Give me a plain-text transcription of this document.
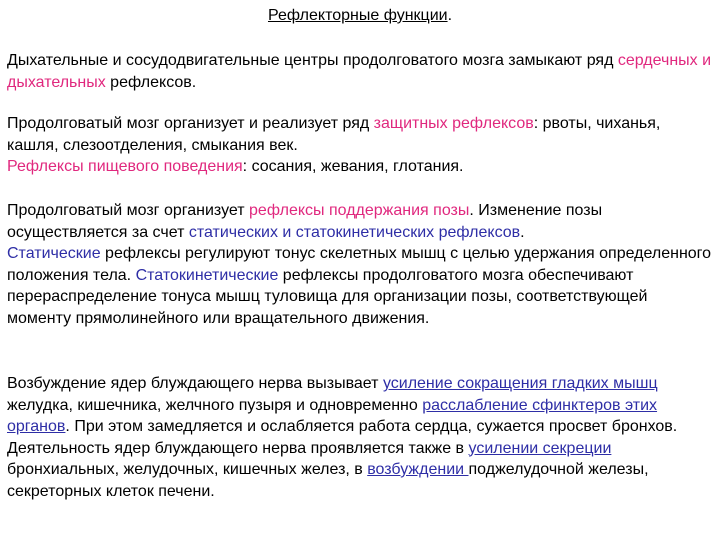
Рефлекторные функции.

Дыхательные и сосудодвигательные центры продолговатого мозга замыкают ряд сердечных и дыхательных рефлексов.

Продолговатый мозг организует и реализует ряд защитных рефлексов: рвоты, чиханья, кашля, слезоотделения, смыкания век.
Рефлексы пищевого поведения: сосания, жевания, глотания.

Продолговатый мозг организует рефлексы поддержания позы. Изменение позы осуществляется за счет статических и статокинетических рефлексов.
Статические рефлексы регулируют тонус скелетных мышц с целью удержания определенного положения тела. Статокинетические рефлексы продолговатого мозга обеспечивают перераспределение тонуса мышц туловища для организации позы, соответствующей моменту прямолинейного или вращательного движения.

Возбуждение ядер блуждающего нерва вызывает усиление сокращения гладких мышц желудка, кишечника, желчного пузыря и одновременно расслабление сфинктеров этих органов. При этом замедляется и ослабляется работа сердца, сужается просвет бронхов.
Деятельность ядер блуждающего нерва проявляется также в усилении секреции бронхиальных, желудочных, кишечных желез, в возбуждении поджелудочной железы, секреторных клеток печени.
